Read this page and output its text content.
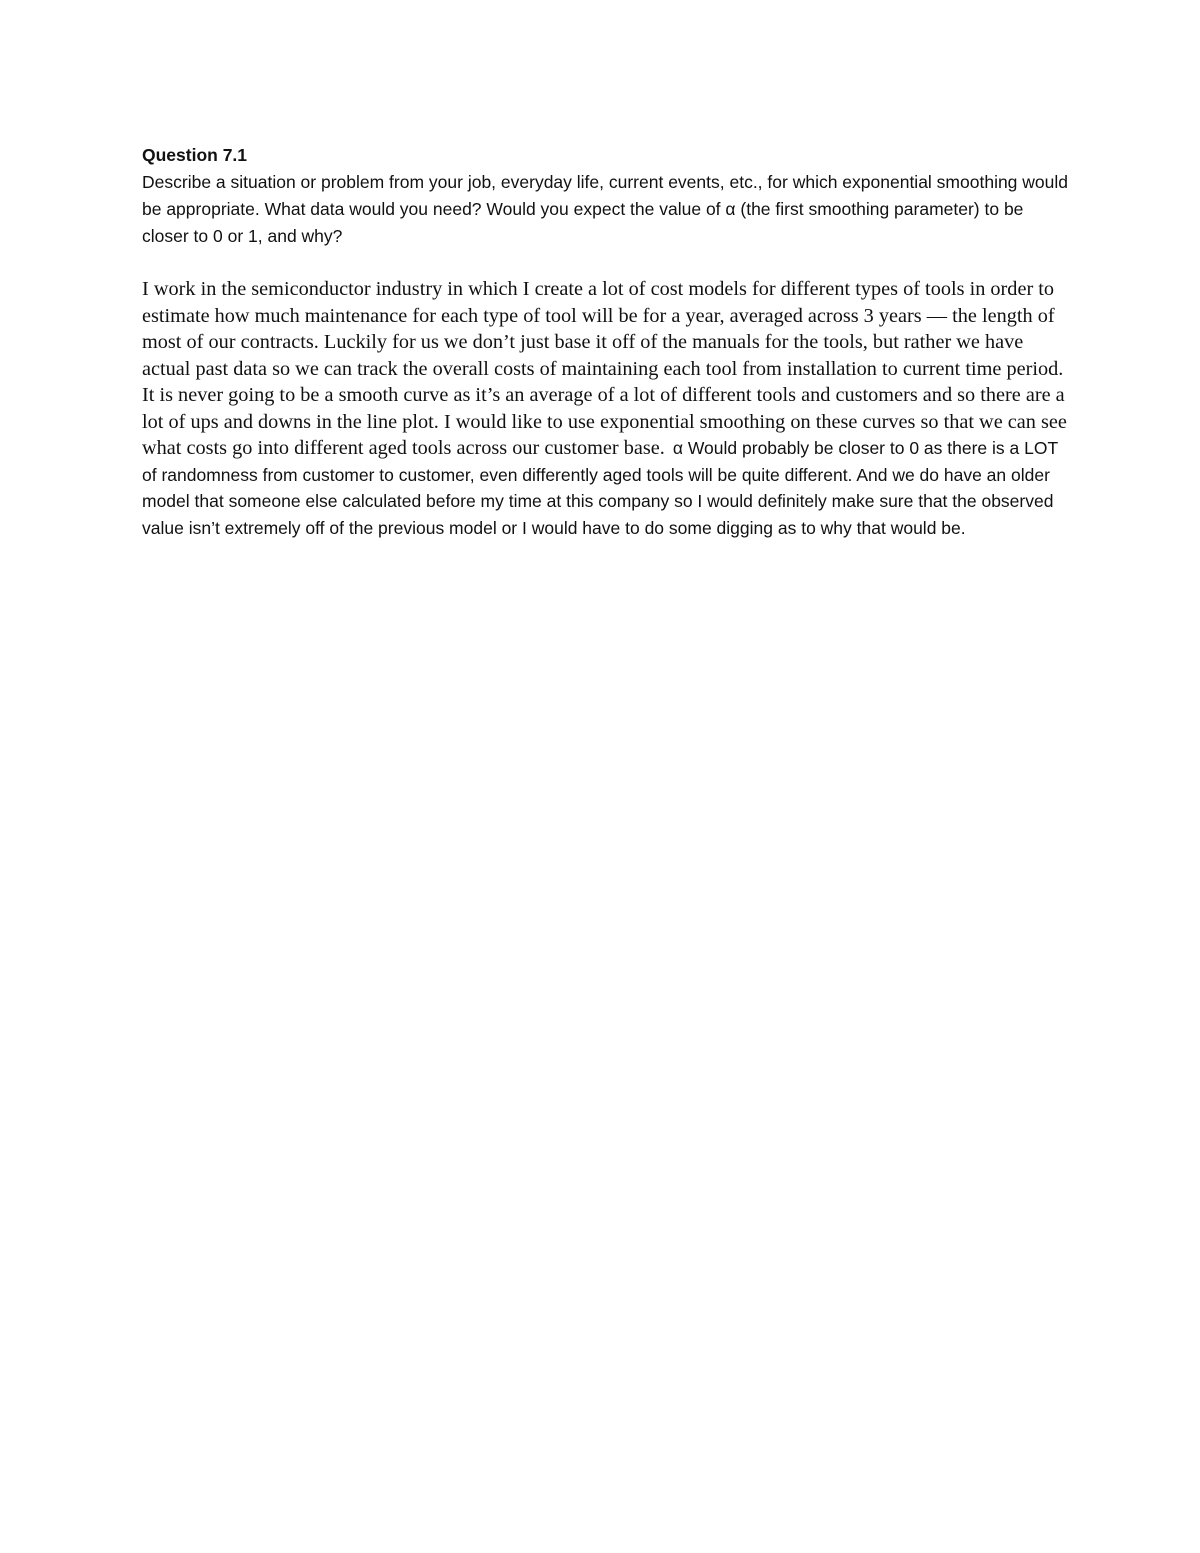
Question 7.1
Describe a situation or problem from your job, everyday life, current events, etc., for which exponential smoothing would be appropriate. What data would you need? Would you expect the value of α (the first smoothing parameter) to be closer to 0 or 1, and why?
I work in the semiconductor industry in which I create a lot of cost models for different types of tools in order to estimate how much maintenance for each type of tool will be for a year, averaged across 3 years — the length of most of our contracts. Luckily for us we don’t just base it off of the manuals for the tools, but rather we have actual past data so we can track the overall costs of maintaining each tool from installation to current time period. It is never going to be a smooth curve as it’s an average of a lot of different tools and customers and so there are a lot of ups and downs in the line plot. I would like to use exponential smoothing on these curves so that we can see what costs go into different aged tools across our customer base. α Would probably be closer to 0 as there is a LOT of randomness from customer to customer, even differently aged tools will be quite different. And we do have an older model that someone else calculated before my time at this company so I would definitely make sure that the observed value isn’t extremely off of the previous model or I would have to do some digging as to why that would be.
